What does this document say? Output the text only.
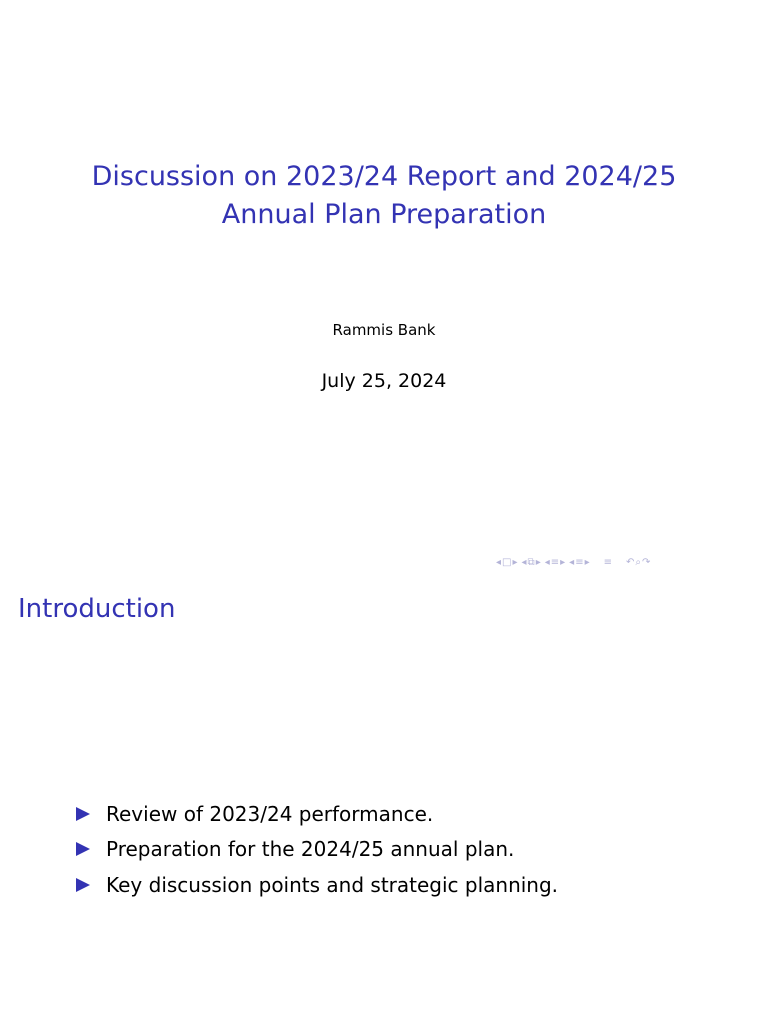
Discussion on 2023/24 Report and 2024/25
Annual Plan Preparation
Rammis Bank
July 25, 2024
◂ □ ▸ ◂ ⧉ ▸ ◂ ≡ ▸ ◂ ≡ ▸ ≡ ↶ ⌕ ↷
Introduction
Review of 2023/24 performance.
Preparation for the 2024/25 annual plan.
Key discussion points and strategic planning.
